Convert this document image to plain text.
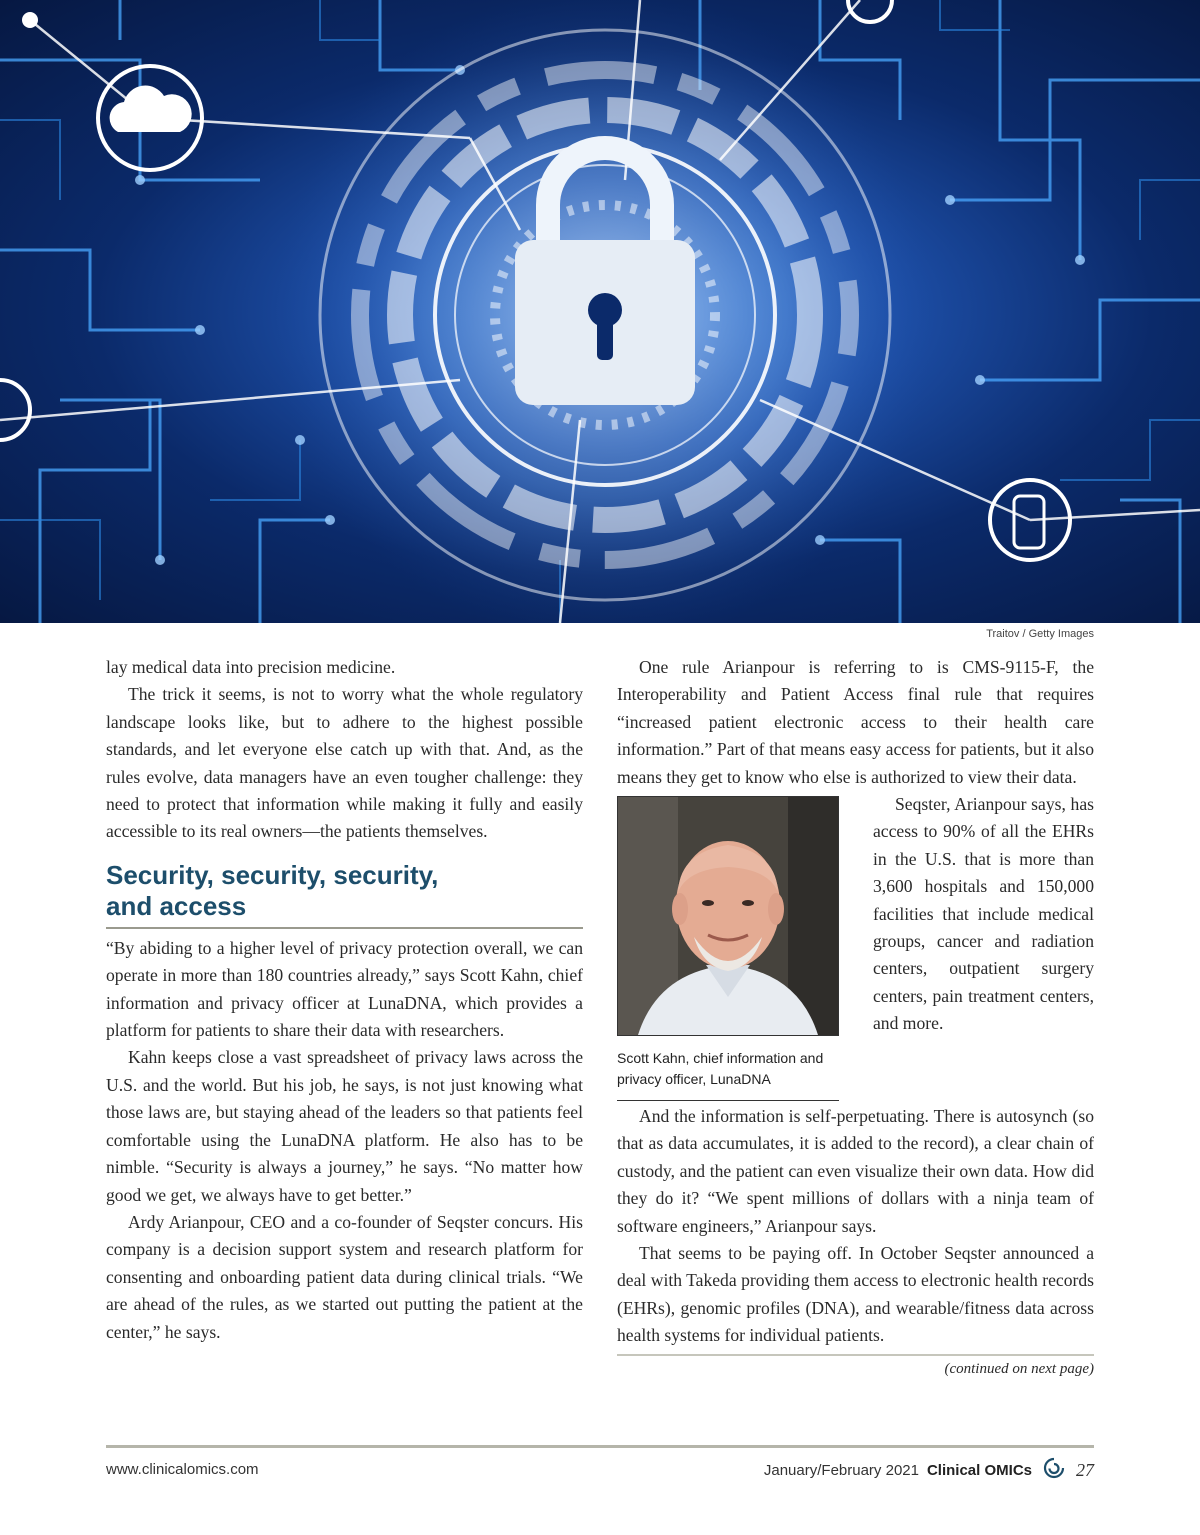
Traitov / Getty Images

lay medical data into precision medicine.

The trick it seems, is not to worry what the whole regulatory landscape looks like, but to adhere to the highest possible standards, and let everyone else catch up with that. And, as the rules evolve, data managers have an even tougher challenge: they need to protect that information while making it fully and easily accessible to its real owners—the patients themselves.

Security, security, security,
and access

“By abiding to a higher level of privacy protection overall, we can operate in more than 180 countries already,” says Scott Kahn, chief information and privacy officer at LunaDNA, which provides a platform for patients to share their data with researchers.

Kahn keeps close a vast spreadsheet of privacy laws across the U.S. and the world. But his job, he says, is not just knowing what those laws are, but staying ahead of the leaders so that patients feel comfortable using the LunaDNA platform. He also has to be nimble. “Security is always a journey,” he says. “No matter how good we get, we always have to get better.”

Ardy Arianpour, CEO and a co-founder of Seqster concurs. His company is a decision support system and research platform for consenting and onboarding patient data during clinical trials. “We are ahead of the rules, as we started out putting the patient at the center,” he says.

One rule Arianpour is referring to is CMS-9115-F, the Interoperability and Patient Access final rule that requires “increased patient electronic access to their health care information.” Part of that means easy access for patients, but it also means they get to know who else is authorized to view their data.

Scott Kahn, chief information and privacy officer, LunaDNA

Seqster, Arianpour says, has access to 90% of all the EHRs in the U.S. that is more than 3,600 hospitals and 150,000 facilities that include medical groups, cancer and radiation centers, outpatient surgery centers, pain treatment centers, and more.

And the information is self-perpetuating. There is autosynch (so that as data accumulates, it is added to the record), a clear chain of custody, and the patient can even visualize their own data. How did they do it? “We spent millions of dollars with a ninja team of software engineers,” Arianpour says.

That seems to be paying off. In October Seqster announced a deal with Takeda providing them access to electronic health records (EHRs), genomic profiles (DNA), and wearable/fitness data across health systems for individual patients.

(continued on next page)
www.clinicalomics.com	January/February 2021 Clinical OMICs 27
